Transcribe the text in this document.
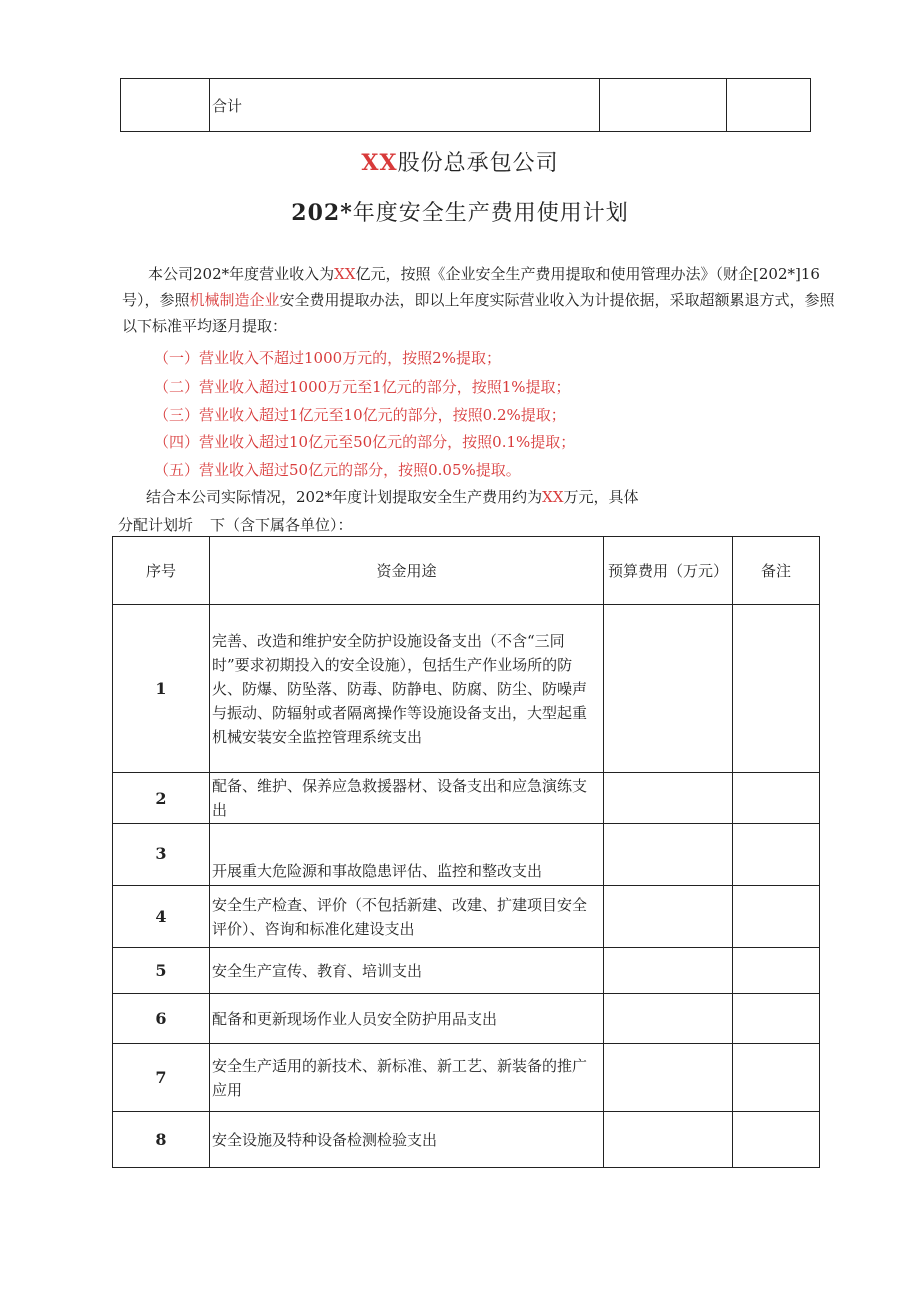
	合计		
XX股份总承包公司
202*年度安全生产费用使用计划
本公司202*年度营业收入为XX亿元，按照《企业安全生产费用提取和使用管理办法》（财企[202*]16号），参照机械制造企业安全费用提取办法，即以上年度实际营业收入为计提依据，采取超额累退方式，参照以下标准平均逐月提取：
（一）营业收入不超过1000万元的，按照2%提取；
（二）营业收入超过1000万元至1亿元的部分，按照1%提取；
（三）营业收入超过1亿元至10亿元的部分，按照0.2%提取；
（四）营业收入超过10亿元至50亿元的部分，按照0.1%提取；
（五）营业收入超过50亿元的部分，按照0.05%提取。
结合本公司实际情况，202*年度计划提取安全生产费用约为XX万元，具体
分配计划圻 下（含下属各单位）：
序号	资金用途	预算费用（万元）	备注
1	完善、改造和维护安全防护设施设备支出（不含“三同时”要求初期投入的安全设施），包括生产作业场所的防火、防爆、防坠落、防毒、防静电、防腐、防尘、防噪声与振动、防辐射或者隔离操作等设施设备支出，大型起重机械安装安全监控管理系统支出		
2	配备、维护、保养应急救援器材、设备支出和应急演练支出		
3	开展重大危险源和事故隐患评估、监控和整改支出		
4	安全生产检查、评价（不包括新建、改建、扩建项目安全评价）、咨询和标准化建设支出		
5	安全生产宣传、教育、培训支出		
6	配备和更新现场作业人员安全防护用品支出		
7	安全生产适用的新技术、新标准、新工艺、新装备的推广应用		
8	安全设施及特种设备检测检验支出		
